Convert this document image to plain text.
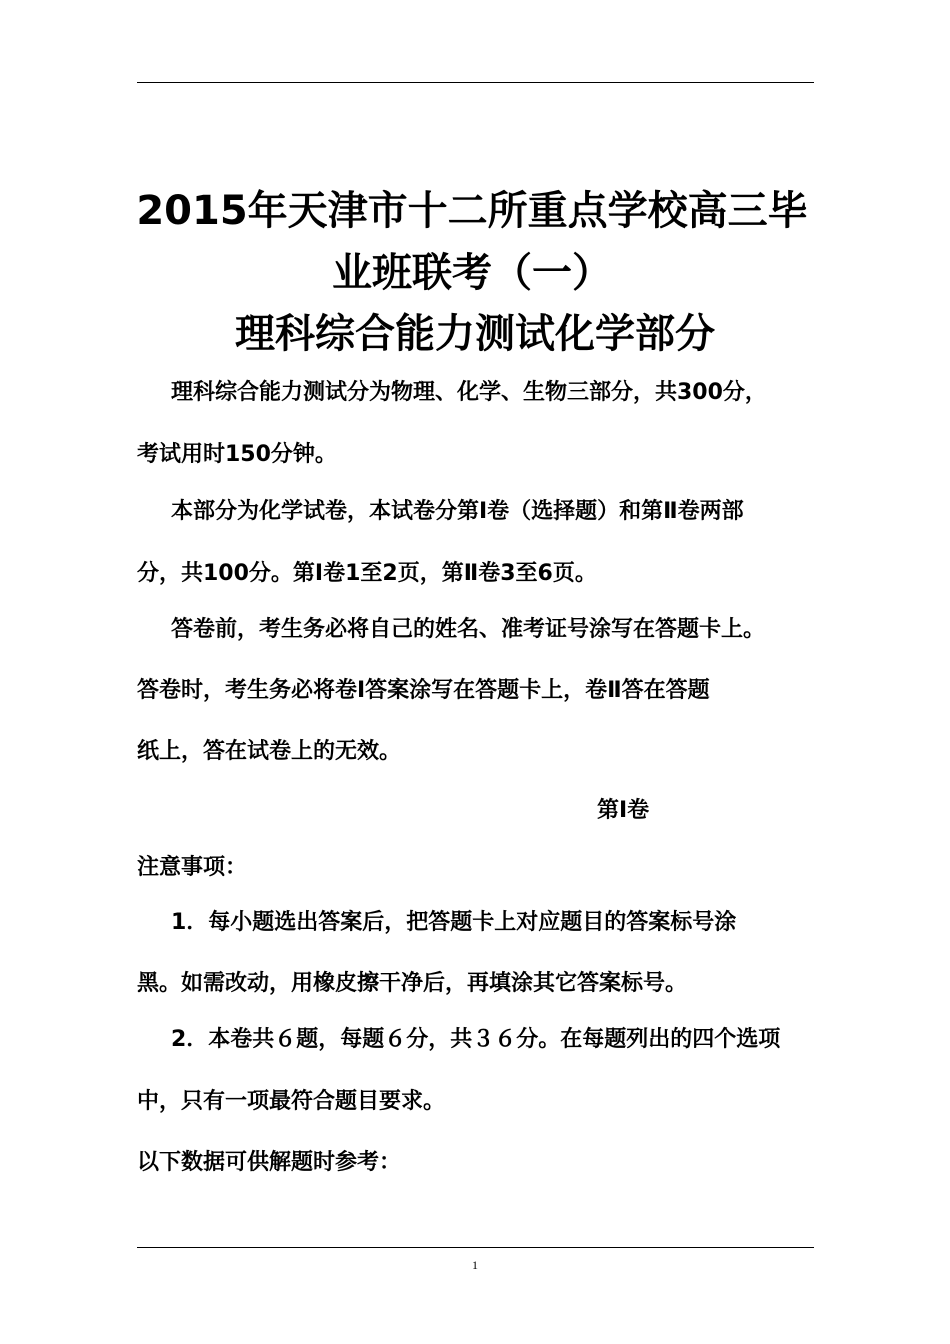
2015年天津市十二所重点学校高三毕
业班联考（一）
理科综合能力测试化学部分
理科综合能力测试分为物理、化学、生物三部分，共300分，
考试用时150分钟。
本部分为化学试卷，本试卷分第Ⅰ卷（选择题）和第Ⅱ卷两部
分，共100分。第Ⅰ卷1至2页，第Ⅱ卷3至6页。
答卷前，考生务必将自己的姓名、准考证号涂写在答题卡上。
答卷时，考生务必将卷Ⅰ答案涂写在答题卡上，卷Ⅱ答在答题
纸上，答在试卷上的无效。
第Ⅰ卷
注意事项：
1．每小题选出答案后，把答题卡上对应题目的答案标号涂
黑。如需改动，用橡皮擦干净后，再填涂其它答案标号。
2．本卷共６题，每题６分，共３６分。在每题列出的四个选项
中，只有一项最符合题目要求。
以下数据可供解题时参考：
1
